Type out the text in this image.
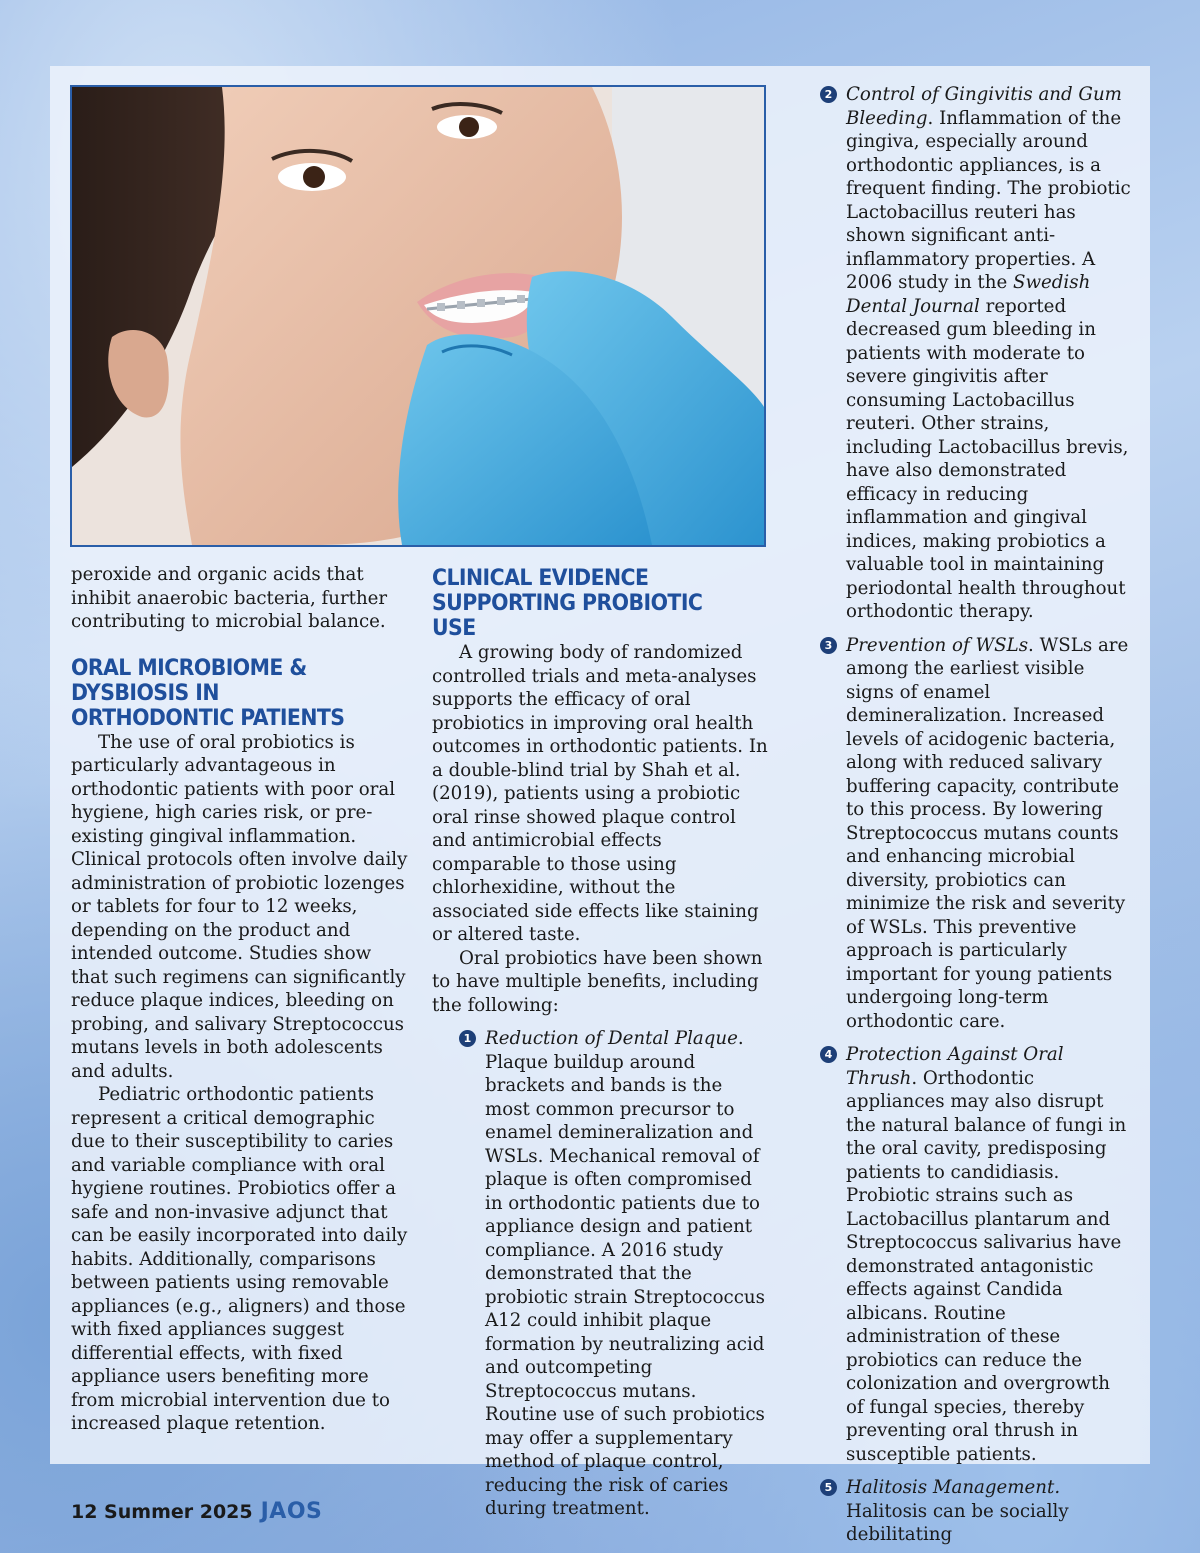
peroxide and organic acids that inhibit anaerobic bacteria, further contributing to microbial balance.

ORAL MICROBIOME & DYSBIOSIS IN ORTHODONTIC PATIENTS

The use of oral probiotics is particularly advantageous in orthodontic patients with poor oral hygiene, high caries risk, or pre-existing gingival inflammation. Clinical protocols often involve daily administration of probiotic lozenges or tablets for four to 12 weeks, depending on the product and intended outcome. Studies show that such regimens can significantly reduce plaque indices, bleeding on probing, and salivary Streptococcus mutans levels in both adolescents and adults.

Pediatric orthodontic patients represent a critical demographic due to their susceptibility to caries and variable compliance with oral hygiene routines. Probiotics offer a safe and non-invasive adjunct that can be easily incorporated into daily habits. Additionally, comparisons between patients using removable appliances (e.g., aligners) and those with fixed appliances suggest differential effects, with fixed appliance users benefiting more from microbial intervention due to increased plaque retention.

CLINICAL EVIDENCE SUPPORTING PROBIOTIC USE

A growing body of randomized controlled trials and meta-analyses supports the efficacy of oral probiotics in improving oral health outcomes in orthodontic patients. In a double-blind trial by Shah et al. (2019), patients using a probiotic oral rinse showed plaque control and antimicrobial effects comparable to those using chlorhexidine, without the associated side effects like staining or altered taste.

Oral probiotics have been shown to have multiple benefits, including the following:

1 Reduction of Dental Plaque. Plaque buildup around brackets and bands is the most common precursor to enamel demineralization and WSLs. Mechanical removal of plaque is often compromised in orthodontic patients due to appliance design and patient compliance. A 2016 study demonstrated that the probiotic strain Streptococcus A12 could inhibit plaque formation by neutralizing acid and outcompeting Streptococcus mutans. Routine use of such probiotics may offer a supplementary method of plaque control, reducing the risk of caries during treatment.
2 Control of Gingivitis and Gum Bleeding. Inflammation of the gingiva, especially around orthodontic appliances, is a frequent finding. The probiotic Lactobacillus reuteri has shown significant anti-inflammatory properties. A 2006 study in the Swedish Dental Journal reported decreased gum bleeding in patients with moderate to severe gingivitis after consuming Lactobacillus reuteri. Other strains, including Lactobacillus brevis, have also demonstrated efficacy in reducing inflammation and gingival indices, making probiotics a valuable tool in maintaining periodontal health throughout orthodontic therapy.
3 Prevention of WSLs. WSLs are among the earliest visible signs of enamel demineralization. Increased levels of acidogenic bacteria, along with reduced salivary buffering capacity, contribute to this process. By lowering Streptococcus mutans counts and enhancing microbial diversity, probiotics can minimize the risk and severity of WSLs. This preventive approach is particularly important for young patients undergoing long-term orthodontic care.
4 Protection Against Oral Thrush. Orthodontic appliances may also disrupt the natural balance of fungi in the oral cavity, predisposing patients to candidiasis. Probiotic strains such as Lactobacillus plantarum and Streptococcus salivarius have demonstrated antagonistic effects against Candida albicans. Routine administration of these probiotics can reduce the colonization and overgrowth of fungal species, thereby preventing oral thrush in susceptible patients.
5 Halitosis Management. Halitosis can be socially debilitating
12 Summer 2025 JAOS
